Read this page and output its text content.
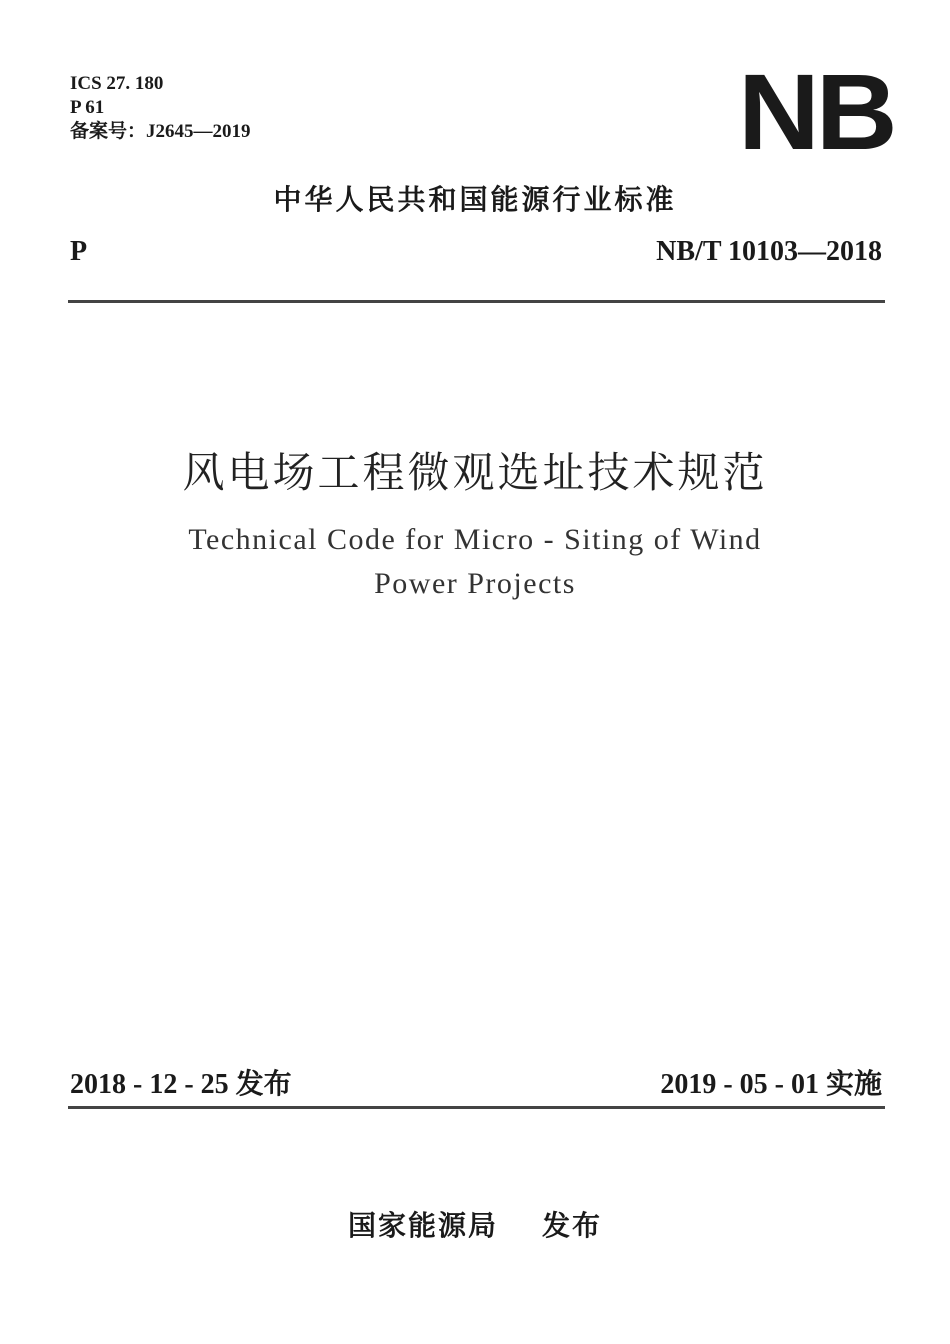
ICS 27. 180
P 61
备案号：J2645—2019	NB
中华人民共和国能源行业标准
P	NB/T 10103—2018
风电场工程微观选址技术规范
Technical Code for Micro - Siting of Wind Power Projects
2018 - 12 - 25 发布	2019 - 05 - 01 实施
国家能源局 发布
